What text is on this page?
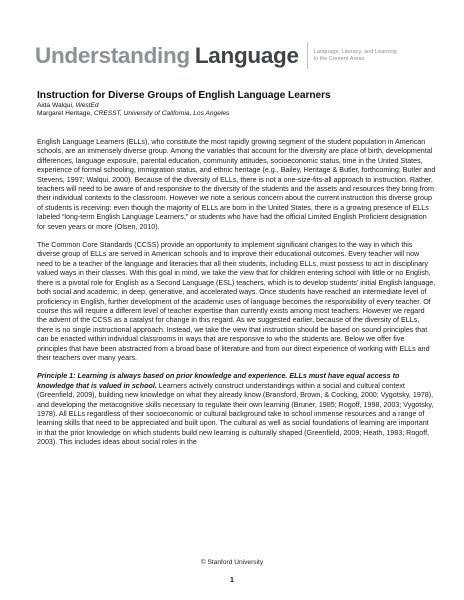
Understanding Language	Language, Literacy, and Learning
in the Content Areas
Instruction for Diverse Groups of English Language Learners
Aida Walqui, WestEd
Margaret Heritage, CRESST, University of California, Los Angeles

English Language Learners (ELLs), who constitute the most rapidly growing segment of the student population in American schools, are an immensely diverse group. Among the variables that account for the diversity are place of birth, developmental differences, language exposure, parental education, community attitudes, socioeconomic status, time in the United States, experience of formal schooling, immigration status, and ethnic heritage (e.g., Bailey, Heritage & Butler, forthcoming; Butler and Stevens, 1997; Walqui, 2000). Because of the diversity of ELLs, there is not a one-size-fits-all approach to instruction. Rather, teachers will need to be aware of and responsive to the diversity of the students and the assets and resources they bring from their individual contexts to the classroom. However we note a serious concern about the current instruction this diverse group of students is receiving: even though the majority of ELLs are born in the United States, there is a growing presence of ELLs labeled “long-term English Language Learners,” or students who have had the official Limited English Proficient designation for seven years or more (Olsen, 2010).

The Common Core Standards (CCSS) provide an opportunity to implement significant changes to the way in which this diverse group of ELLs are served in American schools and to improve their educational outcomes. Every teacher will now need to be a teacher of the language and literacies that all their students, including ELLs, must possess to act in disciplinary valued ways in their classes. With this goal in mind, we take the view that for children entering school with little or no English, there is a pivotal role for English as a Second Language (ESL) teachers, which is to develop students’ initial English language, both social and academic, in deep, generative, and accelerated ways. Once students have reached an intermediate level of proficiency in English, further development of the academic uses of language becomes the responsibility of every teacher. Of course this will require a different level of teacher expertise than currently exists among most teachers. However we regard the advent of the CCSS as a catalyst for change in this regard. As we suggested earlier, because of the diversity of ELLs, there is no single instructional approach. Instead, we take the view that instruction should be based on sound principles that can be enacted within individual classrooms in ways that are responsive to who the students are. Below we offer five principles that have been abstracted from a broad base of literature and from our direct experience of working with ELLs and their teachers over many years.

Principle 1: Learning is always based on prior knowledge and experience. ELLs must have equal access to knowledge that is valued in school. Learners actively construct understandings within a social and cultural context (Greenfield, 2009), building new knowledge on what they already know (Bransford, Brown, & Cocking, 2000; Vygotsky, 1978), and developing the metacognitive skills necessary to regulate their own learning (Bruner, 1985; Rogoff, 1998, 2003; Vygotsky, 1978). All ELLs regardless of their socioeconomic or cultural background take to school immense resources and a range of learning skills that need to be appreciated and built upon. The cultural as well as social foundations of learning are important in that the prior knowledge on which students build new learning is culturally shaped (Greenfield, 2009; Heath, 1983; Rogoff, 2003). This includes ideas about social roles in the

© Stanford University
1
